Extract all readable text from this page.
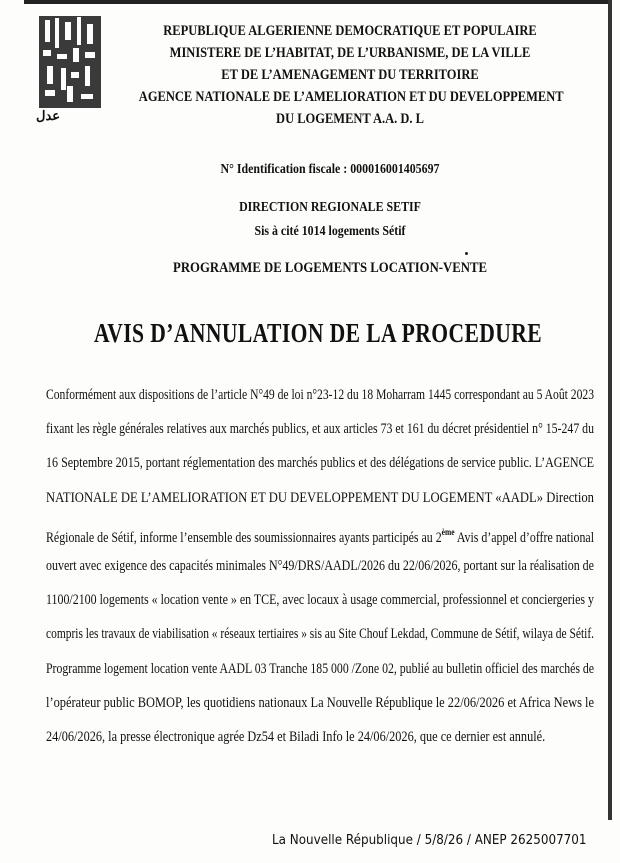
ﻋﺪﻝ
REPUBLIQUE ALGERIENNE DEMOCRATIQUE ET POPULAIRE
MINISTERE DE L’HABITAT, DE L’URBANISME, DE LA VILLE
ET DE L’AMENAGEMENT DU TERRITOIRE
AGENCE NATIONALE DE L’AMELIORATION ET DU DEVELOPPEMENT
DU LOGEMENT A.A. D. L
N° Identification fiscale : 000016001405697
DIRECTION REGIONALE SETIF
Sis à cité 1014 logements Sétif
PROGRAMME DE LOGEMENTS LOCATION-VENTE
AVIS D’ANNULATION DE LA PROCEDURE
Conformément aux dispositions de l’article N°49 de loi n°23-12 du 18 Moharram 1445 correspondant au 5 Août 2023
fixant les règle générales relatives aux marchés publics, et aux articles 73 et 161 du décret présidentiel n° 15-247 du
16 Septembre 2015, portant réglementation des marchés publics et des délégations de service public. L’AGENCE
NATIONALE DE L’AMELIORATION ET DU DEVELOPPEMENT DU LOGEMENT «AADL» Direction
Régionale de Sétif, informe l’ensemble des soumissionnaires ayants participés au 2ème Avis d’appel d’offre national
ouvert avec exigence des capacités minimales N°49/DRS/AADL/2026 du 22/06/2026, portant sur la réalisation de
1100/2100 logements « location vente » en TCE, avec locaux à usage commercial, professionnel et conciergeries y
compris les travaux de viabilisation « réseaux tertiaires » sis au Site Chouf Lekdad, Commune de Sétif, wilaya de Sétif.
Programme logement location vente AADL 03 Tranche 185 000 /Zone 02, publié au bulletin officiel des marchés de
l’opérateur public BOMOP, les quotidiens nationaux La Nouvelle République le 22/06/2026 et Africa News le
24/06/2026, la presse électronique agrée Dz54 et Biladi Info le 24/06/2026, que ce dernier est annulé.
La Nouvelle République / 5/8/26 / ANEP 2625007701
